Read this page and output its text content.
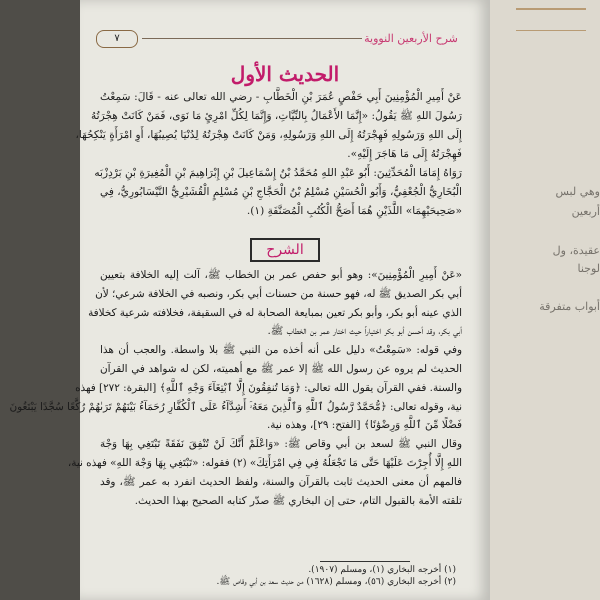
وهي لبس
أربعين
عقيدة، ول
لوجنا
أبواب متفرقة
٧	شرح الأربعين النووية
الحديث الأول
عَنْ أَمِيرِ الْمُؤْمِنِينَ أَبِي حَفْصٍ عُمَرَ بْنِ الْخَطَّابِ - رضي الله تعالى عنه - قَالَ: سَمِعْتُ
رَسُولَ اللهِ ﷺ يَقُولُ: «إِنَّمَا الأَعْمَالُ بِالنِّيَّاتِ، وَإِنَّمَا لِكُلِّ امْرِئٍ مَا نَوَى، فَمَنْ كَانَتْ هِجْرَتُهُ
إِلَى اللهِ وَرَسُولِهِ فَهِجْرَتُهُ إِلَى اللهِ وَرَسُولِهِ، وَمَنْ كَانَتْ هِجْرَتُهُ لِدُنْيَا يُصِيبُهَا، أَوِ امْرَأَةٍ يَنْكِحُهَا،
فَهِجْرَتُهُ إِلَى مَا هَاجَرَ إِلَيْهِ».
رَوَاهُ إِمَامَا الْمُحَدِّثِينَ: أَبُو عَبْدِ اللهِ مُحَمَّدُ بْنُ إِسْمَاعِيلَ بْنِ إِبْرَاهِيمَ بْنِ الْمُغِيرَةِ بْنِ بَرْدِزْبَه
الْبُخَارِيُّ الْجُعْفِيُّ، وَأَبُو الْحُسَيْنِ مُسْلِمُ بْنُ الْحَجَّاجِ بْنِ مُسْلِمٍ الْقُشَيْرِيُّ النَّيْسَابُورِيُّ، فِي
«صَحِيحَيْهِمَا» اللَّذَيْنِ هُمَا أَصَحُّ الْكُتُبِ الْمُصَنَّفَةِ (١).
الشرح
«عَنْ أَمِيرِ الْمُؤْمِنِينَ»: وهو أبو حفص عمر بن الخطاب ﷺ، آلت إليه الخلافة بتعيين
أبي بكر الصديق ﷺ له، فهو حسنة من حسنات أبي بكر، ونصبه في الخلافة شرعي؛ لأن
الذي عينه أبو بكر، وأبو بكر تعين بمبايعة الصحابة له في السقيفة، فخلافته شرعية كخلافة
أبي بكر، وقد أحسن أبو بكر اختياراً حيث اختار عمر بن الخطاب ﷺ.
وفي قوله: «سَمِعْتُ» دليل على أنه أخذه من النبي ﷺ بلا واسطة. والعجب أن هذا
الحديث لم يروه عن رسول الله ﷺ إلا عمر ﷺ مع أهميته، لكن له شواهد في القرآن
والسنة. ففي القرآن يقول الله تعالى: ﴿وَمَا تُنفِقُونَ إِلَّا ٱبْتِغَآءَ وَجْهِ ٱللَّهِ﴾ [البقرة: ٢٧٢] فهذه
نية، وقوله تعالى: ﴿مُّحَمَّدٌ رَّسُولُ ٱللَّهِ وَٱلَّذِينَ مَعَهُۥٓ أَشِدَّآءُ عَلَى ٱلْكُفَّارِ رُحَمَآءُ بَيْنَهُمْ تَرَىٰهُمْ رُكَّعًا سُجَّدًا يَبْتَغُونَ
فَضْلًا مِّنَ ٱللَّهِ وَرِضْوَٰنًا﴾ [الفتح: ٢٩]، وهذه نية.
وقال النبي ﷺ لسعد بن أبي وقاص ﷺ: «وَاعْلَمْ أَنَّكَ لَنْ تُنْفِقَ نَفَقَةً تَبْتَغِي بِهَا وَجْهَ
اللهِ إِلَّا أُجِرْتَ عَلَيْهَا حَتَّى مَا تَجْعَلُهُ فِي فِي امْرَأَتِكَ» (٢) فقوله: «تَبْتَغِي بِهَا وَجْهَ اللهِ» فهذه نية،
فالمهم أن معنى الحديث ثابت بالقرآن والسنة، ولفظ الحديث انفرد به عمر ﷺ، وقد
تلقته الأمة بالقبول التام، حتى إن البخاري ﷺ صدّر كتابه الصحيح بهذا الحديث.
(١) أخرجه البخاري (١)، ومسلم (١٩٠٧).
(٢) أخرجه البخاري (٥٦)، ومسلم (١٦٢٨) من حديث سعد بن أبي وقاص ﷺ.
